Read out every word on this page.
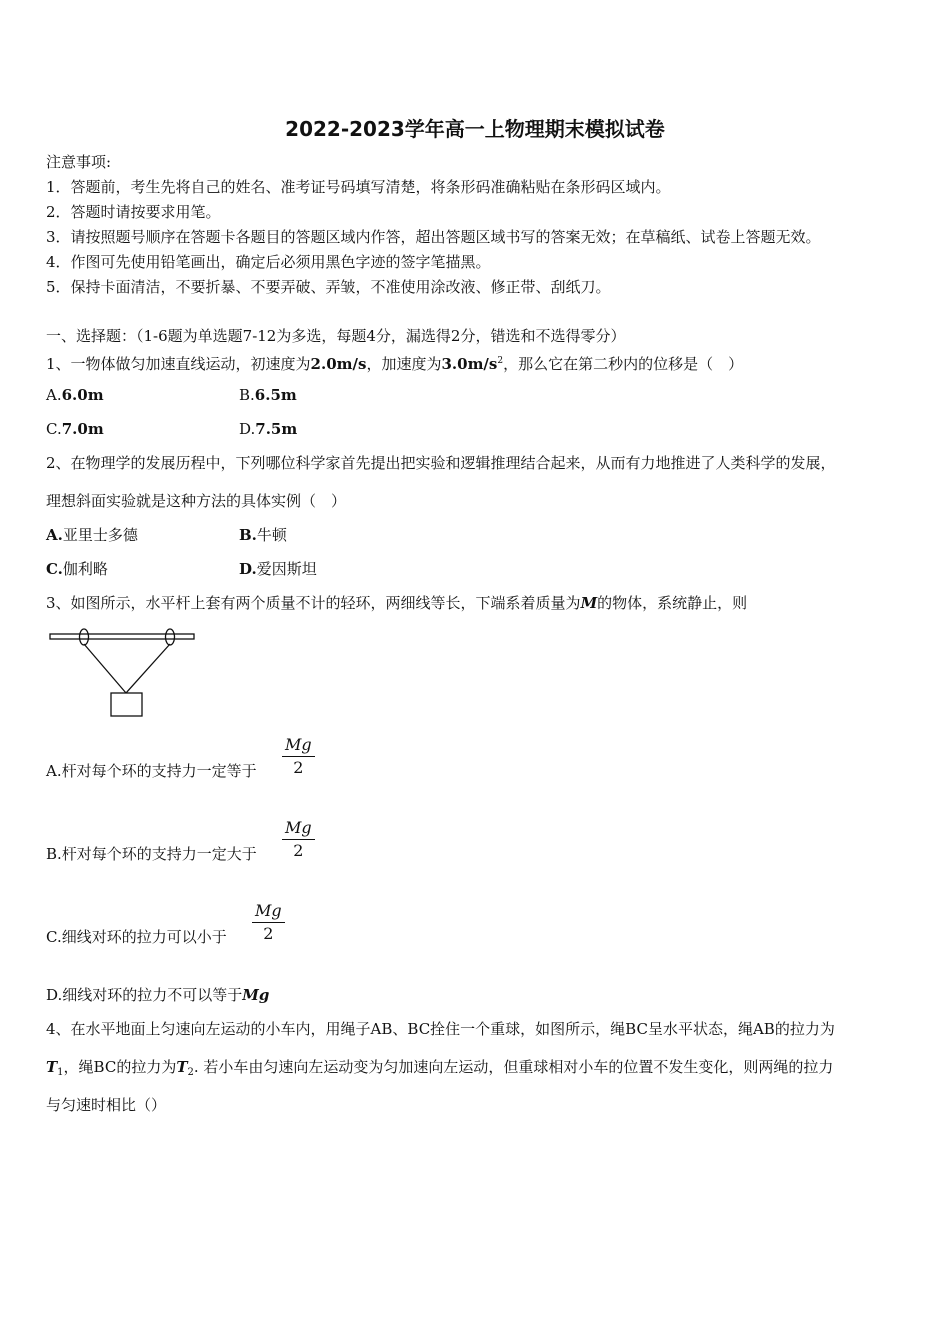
2022-2023学年高一上物理期末模拟试卷
注意事项:
1．答题前，考生先将自己的姓名、准考证号码填写清楚，将条形码准确粘贴在条形码区域内。
2．答题时请按要求用笔。
3．请按照题号顺序在答题卡各题目的答题区域内作答，超出答题区域书写的答案无效；在草稿纸、试卷上答题无效。
4．作图可先使用铅笔画出，确定后必须用黑色字迹的签字笔描黑。
5．保持卡面清洁，不要折暴、不要弄破、弄皱，不准使用涂改液、修正带、刮纸刀。
一、选择题：（1-6题为单选题7-12为多选，每题4分，漏选得2分，错选和不选得零分）
1、一物体做匀加速直线运动，初速度为2.0m/s，加速度为$3.0m/s^2$，那么它在第二秒内的位移是（　）
A.6.0m	B.6.5m
C.7.0m	D.7.5m
2、在物理学的发展历程中，下列哪位科学家首先提出把实验和逻辑推理结合起来，从而有力地推进了人类科学的发展，
理想斜面实验就是这种方法的具体实例（　）
A.亚里士多德	B.牛顿
C.伽利略	D.爱因斯坦
3、如图所示，水平杆上套有两个质量不计的轻环，两细线等长，下端系着质量为M的物体，系统静止，则
A.杆对每个环的支持力一定等于 $\frac{Mg}{2}$
B.杆对每个环的支持力一定大于 $\frac{Mg}{2}$
C.细线对环的拉力可以小于 $\frac{Mg}{2}$
D.细线对环的拉力不可以等于Mg
4、在水平地面上匀速向左运动的小车内，用绳子AB、BC拴住一个重球，如图所示，绳BC呈水平状态，绳AB的拉力为
$T_1$，绳BC的拉力为$T_2$. 若小车由匀速向左运动变为匀加速向左运动，但重球相对小车的位置不发生变化，则两绳的拉力
与匀速时相比（）
